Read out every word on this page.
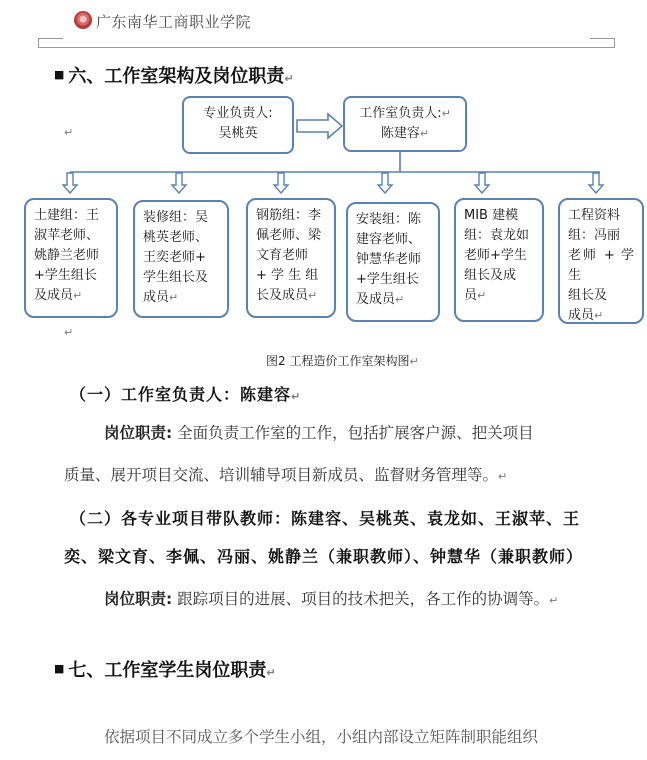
广东南华工商职业学院
■ 六、工作室架构及岗位职责↵
↵
↵
专业负责人:
吴桃英
工作室负责人:↵
陈建容↵
土建组：王
淑苹老师、
姚静兰老师
+学生组长
及成员↵
装修组：吴
桃英老师、
王奕老师+
学生组长及
成员↵
钢筋组：李
佩老师、梁
文育老师
+ 学 生 组
长及成员↵
安装组：陈
建容老师、
钟慧华老师
+学生组长
及成员↵
MIB 建模
组：袁龙如
老师+学生
组长及成
员↵
工程资料
组：冯丽
老师 + 学生
组长及
成员↵
图2 工程造价工作室架构图↵
（一）工作室负责人：陈建容↵
岗位职责: 全面负责工作室的工作，包括扩展客户源、把关项目
质量、展开项目交流、培训辅导项目新成员、监督财务管理等。↵
（二）各专业项目带队教师：陈建容、吴桃英、袁龙如、王淑苹、王
奕、梁文育、李佩、冯丽、姚静兰（兼职教师）、钟慧华（兼职教师）
岗位职责: 跟踪项目的进展、项目的技术把关，各工作的协调等。↵
■ 七、工作室学生岗位职责↵
依据项目不同成立多个学生小组，小组内部设立矩阵制职能组织
